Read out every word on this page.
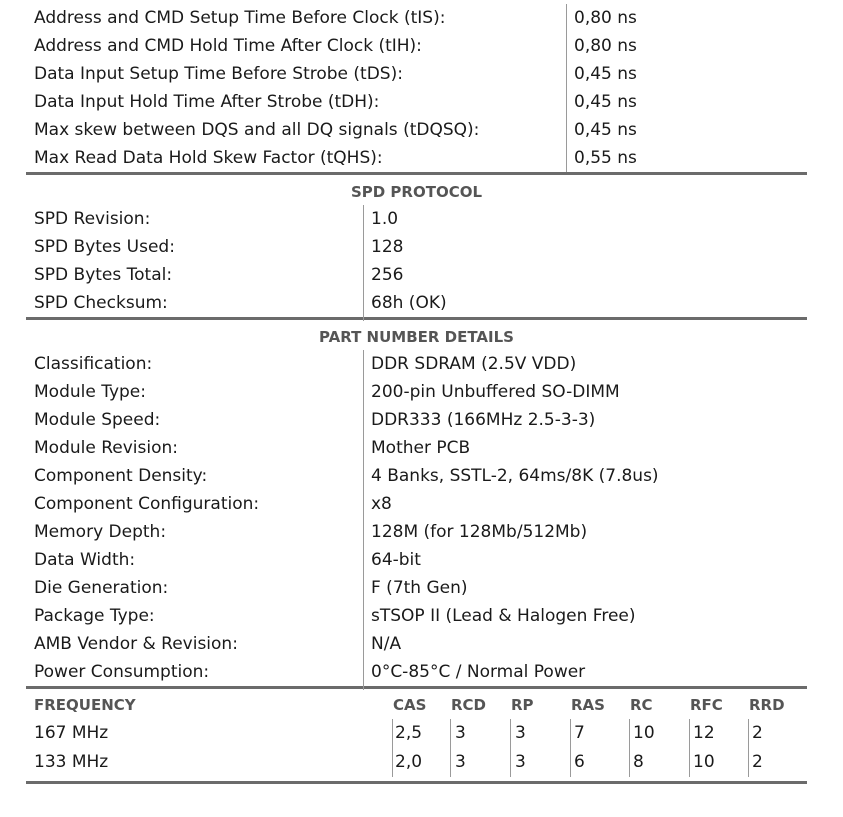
Address and CMD Setup Time Before Clock (tIS):	0,80 ns
Address and CMD Hold Time After Clock (tIH):	0,80 ns
Data Input Setup Time Before Strobe (tDS):	0,45 ns
Data Input Hold Time After Strobe (tDH):	0,45 ns
Max skew between DQS and all DQ signals (tDQSQ):	0,45 ns
Max Read Data Hold Skew Factor (tQHS):	0,55 ns
SPD PROTOCOL
SPD Revision:	1.0
SPD Bytes Used:	128
SPD Bytes Total:	256
SPD Checksum:	68h (OK)
PART NUMBER DETAILS
Classification:	DDR SDRAM (2.5V VDD)
Module Type:	200-pin Unbuffered SO-DIMM
Module Speed:	DDR333 (166MHz 2.5-3-3)
Module Revision:	Mother PCB
Component Density:	4 Banks, SSTL-2, 64ms/8K (7.8us)
Component Configuration:	x8
Memory Depth:	128M (for 128Mb/512Mb)
Data Width:	64-bit
Die Generation:	F (7th Gen)
Package Type:	sTSOP II (Lead & Halogen Free)
AMB Vendor & Revision:	N/A
Power Consumption:	0°C-85°C / Normal Power
FREQUENCY	CAS RCD RP RAS RC RFC RRD
167 MHz	2,5 3	3	7	10 12 2
133 MHz	2,0 3	3	6	8	10 2
